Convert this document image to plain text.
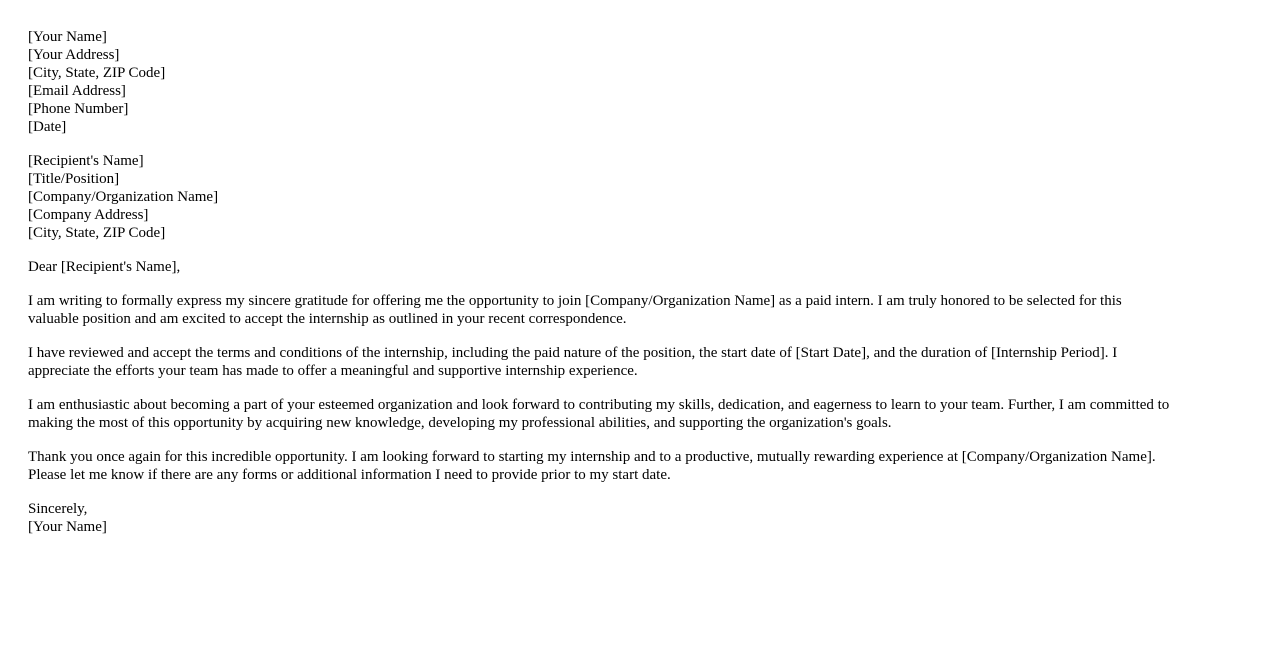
[Your Name]
[Your Address]
[City, State, ZIP Code]
[Email Address]
[Phone Number]
[Date]
[Recipient's Name]
[Title/Position]
[Company/Organization Name]
[Company Address]
[City, State, ZIP Code]
Dear [Recipient's Name],
I am writing to formally express my sincere gratitude for offering me the opportunity to join [Company/Organization Name] as a paid intern. I am truly honored to be selected for this
valuable position and am excited to accept the internship as outlined in your recent correspondence.
I have reviewed and accept the terms and conditions of the internship, including the paid nature of the position, the start date of [Start Date], and the duration of [Internship Period]. I
appreciate the efforts your team has made to offer a meaningful and supportive internship experience.
I am enthusiastic about becoming a part of your esteemed organization and look forward to contributing my skills, dedication, and eagerness to learn to your team. Further, I am committed to
making the most of this opportunity by acquiring new knowledge, developing my professional abilities, and supporting the organization's goals.
Thank you once again for this incredible opportunity. I am looking forward to starting my internship and to a productive, mutually rewarding experience at [Company/Organization Name].
Please let me know if there are any forms or additional information I need to provide prior to my start date.
Sincerely,
[Your Name]
